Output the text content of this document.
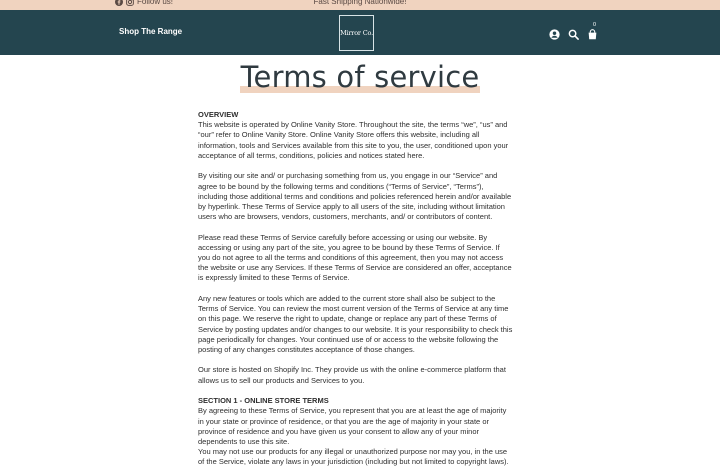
Follow us!	Fast Shipping Nationwide!
Shop The Range	Mirror Co.
0
Terms of service

OVERVIEW
This website is operated by Online Vanity Store. Throughout the site, the terms “we”, “us” and “our” refer to Online Vanity Store. Online Vanity Store offers this website, including all information, tools and Services available from this site to you, the user, conditioned upon your acceptance of all terms, conditions, policies and notices stated here.

By visiting our site and/ or purchasing something from us, you engage in our “Service” and agree to be bound by the following terms and conditions (“Terms of Service”, “Terms”), including those additional terms and conditions and policies referenced herein and/or available by hyperlink. These Terms of Service apply to all users of the site, including without limitation users who are browsers, vendors, customers, merchants, and/ or contributors of content.

Please read these Terms of Service carefully before accessing or using our website. By accessing or using any part of the site, you agree to be bound by these Terms of Service. If you do not agree to all the terms and conditions of this agreement, then you may not access the website or use any Services. If these Terms of Service are considered an offer, acceptance is expressly limited to these Terms of Service.

Any new features or tools which are added to the current store shall also be subject to the Terms of Service. You can review the most current version of the Terms of Service at any time on this page. We reserve the right to update, change or replace any part of these Terms of Service by posting updates and/or changes to our website. It is your responsibility to check this page periodically for changes. Your continued use of or access to the website following the posting of any changes constitutes acceptance of those changes.

Our store is hosted on Shopify Inc. They provide us with the online e-commerce platform that allows us to sell our products and Services to you.

SECTION 1 - ONLINE STORE TERMS
By agreeing to these Terms of Service, you represent that you are at least the age of majority in your state or province of residence, or that you are the age of majority in your state or province of residence and you have given us your consent to allow any of your minor dependents to use this site.

You may not use our products for any illegal or unauthorized purpose nor may you, in the use of the Service, violate any laws in your jurisdiction (including but not limited to copyright laws).
